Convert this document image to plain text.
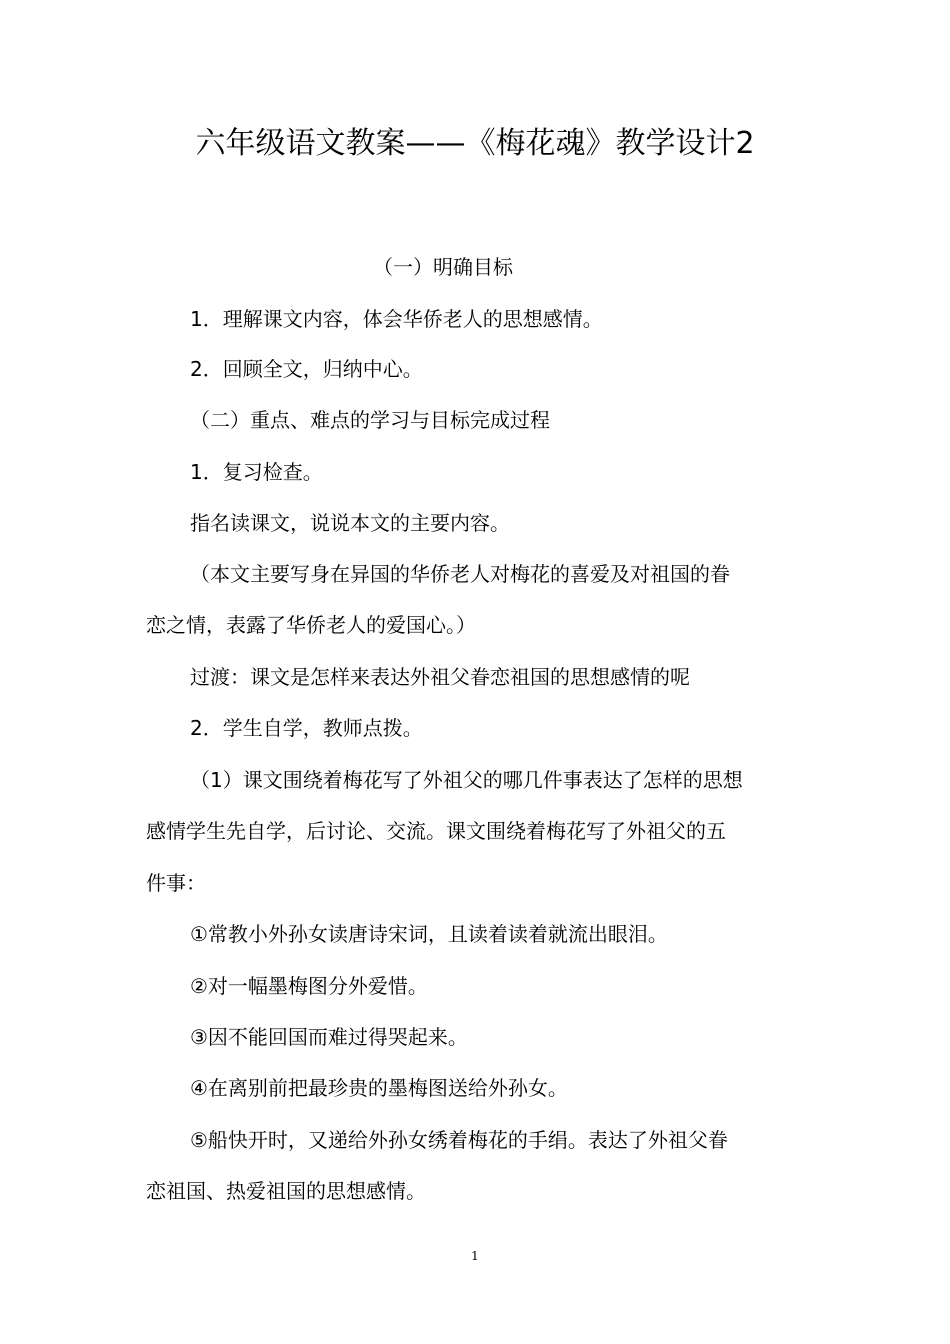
六年级语文教案——《梅花魂》教学设计2

（一）明确目标

1．理解课文内容，体会华侨老人的思想感情。

2．回顾全文，归纳中心。

（二）重点、难点的学习与目标完成过程

1．复习检查。

指名读课文，说说本文的主要内容。

（本文主要写身在异国的华侨老人对梅花的喜爱及对祖国的眷

恋之情，表露了华侨老人的爱国心。）

过渡：课文是怎样来表达外祖父眷恋祖国的思想感情的呢

2．学生自学，教师点拨。

（1）课文围绕着梅花写了外祖父的哪几件事表达了怎样的思想

感情学生先自学，后讨论、交流。课文围绕着梅花写了外祖父的五

件事：

①常教小外孙女读唐诗宋词，且读着读着就流出眼泪。

②对一幅墨梅图分外爱惜。

③因不能回国而难过得哭起来。

④在离别前把最珍贵的墨梅图送给外孙女。

⑤船快开时，又递给外孙女绣着梅花的手绢。表达了外祖父眷

恋祖国、热爱祖国的思想感情。

1
